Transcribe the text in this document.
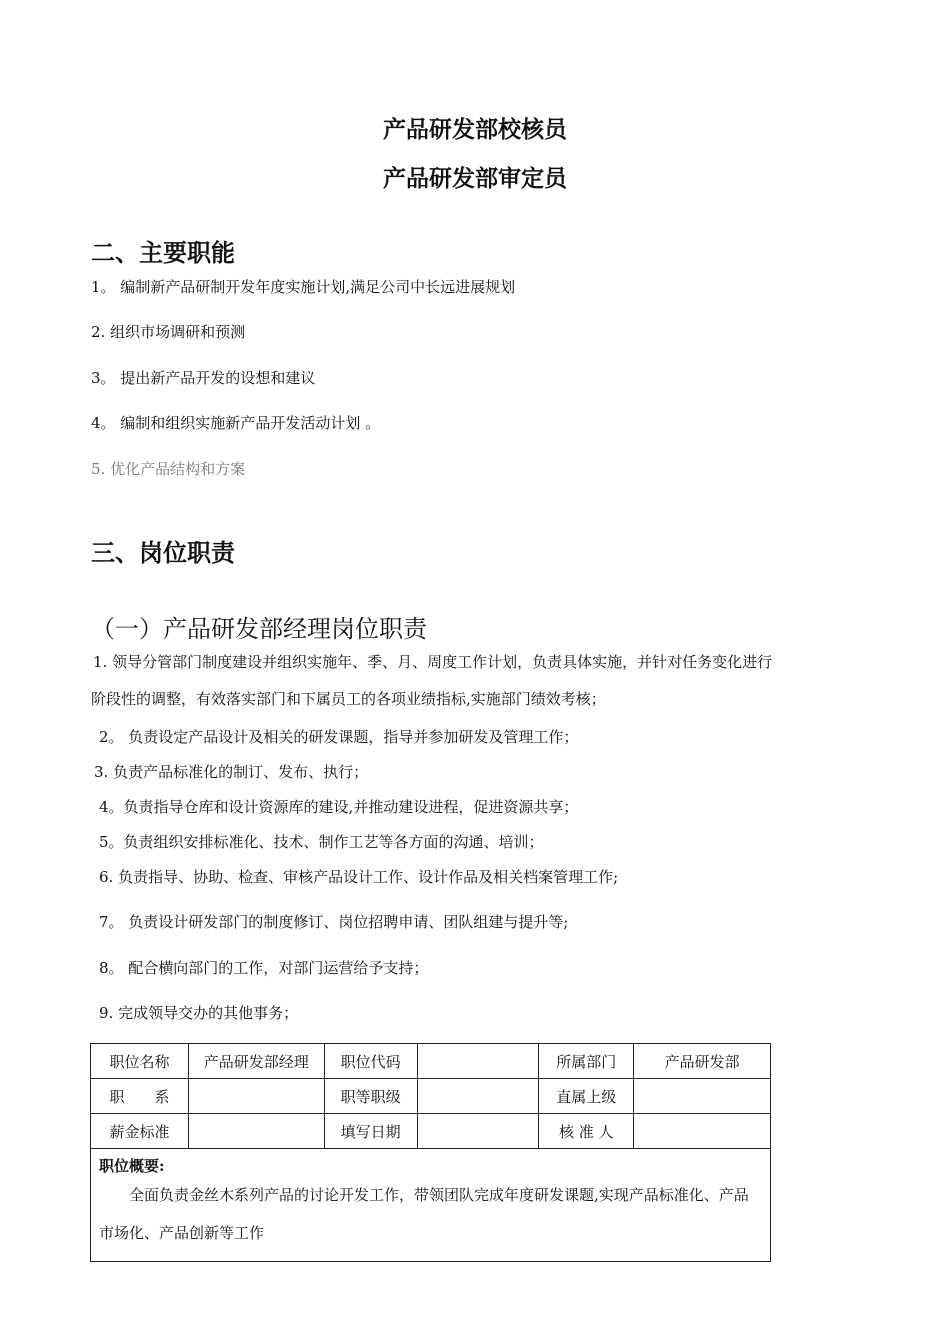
产品研发部校核员
产品研发部审定员
二、主要职能
1。 编制新产品研制开发年度实施计划,满足公司中长远进展规划
2. 组织市场调研和预测
3。 提出新产品开发的设想和建议
4。 编制和组织实施新产品开发活动计划 。
5. 优化产品结构和方案
三、岗位职责
（一）产品研发部经理岗位职责
1. 领导分管部门制度建设并组织实施年、季、月、周度工作计划，负责具体实施，并针对任务变化进行
阶段性的调整，有效落实部门和下属员工的各项业绩指标,实施部门绩效考核；
2。 负责设定产品设计及相关的研发课题，指导并参加研发及管理工作；
3. 负责产品标准化的制订、发布、执行；
4。负责指导仓库和设计资源库的建设,并推动建设进程，促进资源共享；
5。负责组织安排标准化、技术、制作工艺等各方面的沟通、培训；
6. 负责指导、协助、检查、审核产品设计工作、设计作品及相关档案管理工作;
7。 负责设计研发部门的制度修订、岗位招聘申请、团队组建与提升等;
8。 配合横向部门的工作，对部门运营给予支持；
9. 完成领导交办的其他事务；
职位名称	产品研发部经理	职位代码		所属部门	产品研发部
职　　系		职等职级		直属上级	
薪金标准		填写日期		核 准 人	

职位概要:
全面负责金丝木系列产品的讨论开发工作，带领团队完成年度研发课题,实现产品标准化、产品市场化、产品创新等工作					
